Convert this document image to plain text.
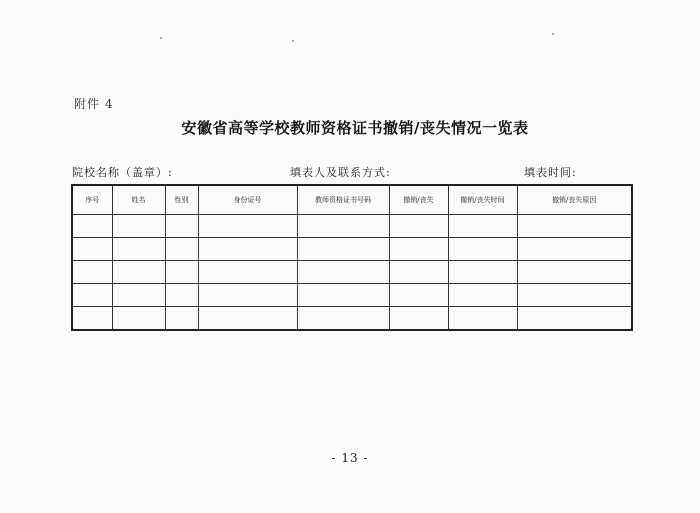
附件 4
安徽省高等学校教师资格证书撤销/丧失情况一览表
院校名称（盖章）:	填表人及联系方式:	填表时间:
序号	姓名	性别	身份证号	教师资格证书号码	撤销/丧失	撤销/丧失时间	撤销/丧失原因

- 13 -
